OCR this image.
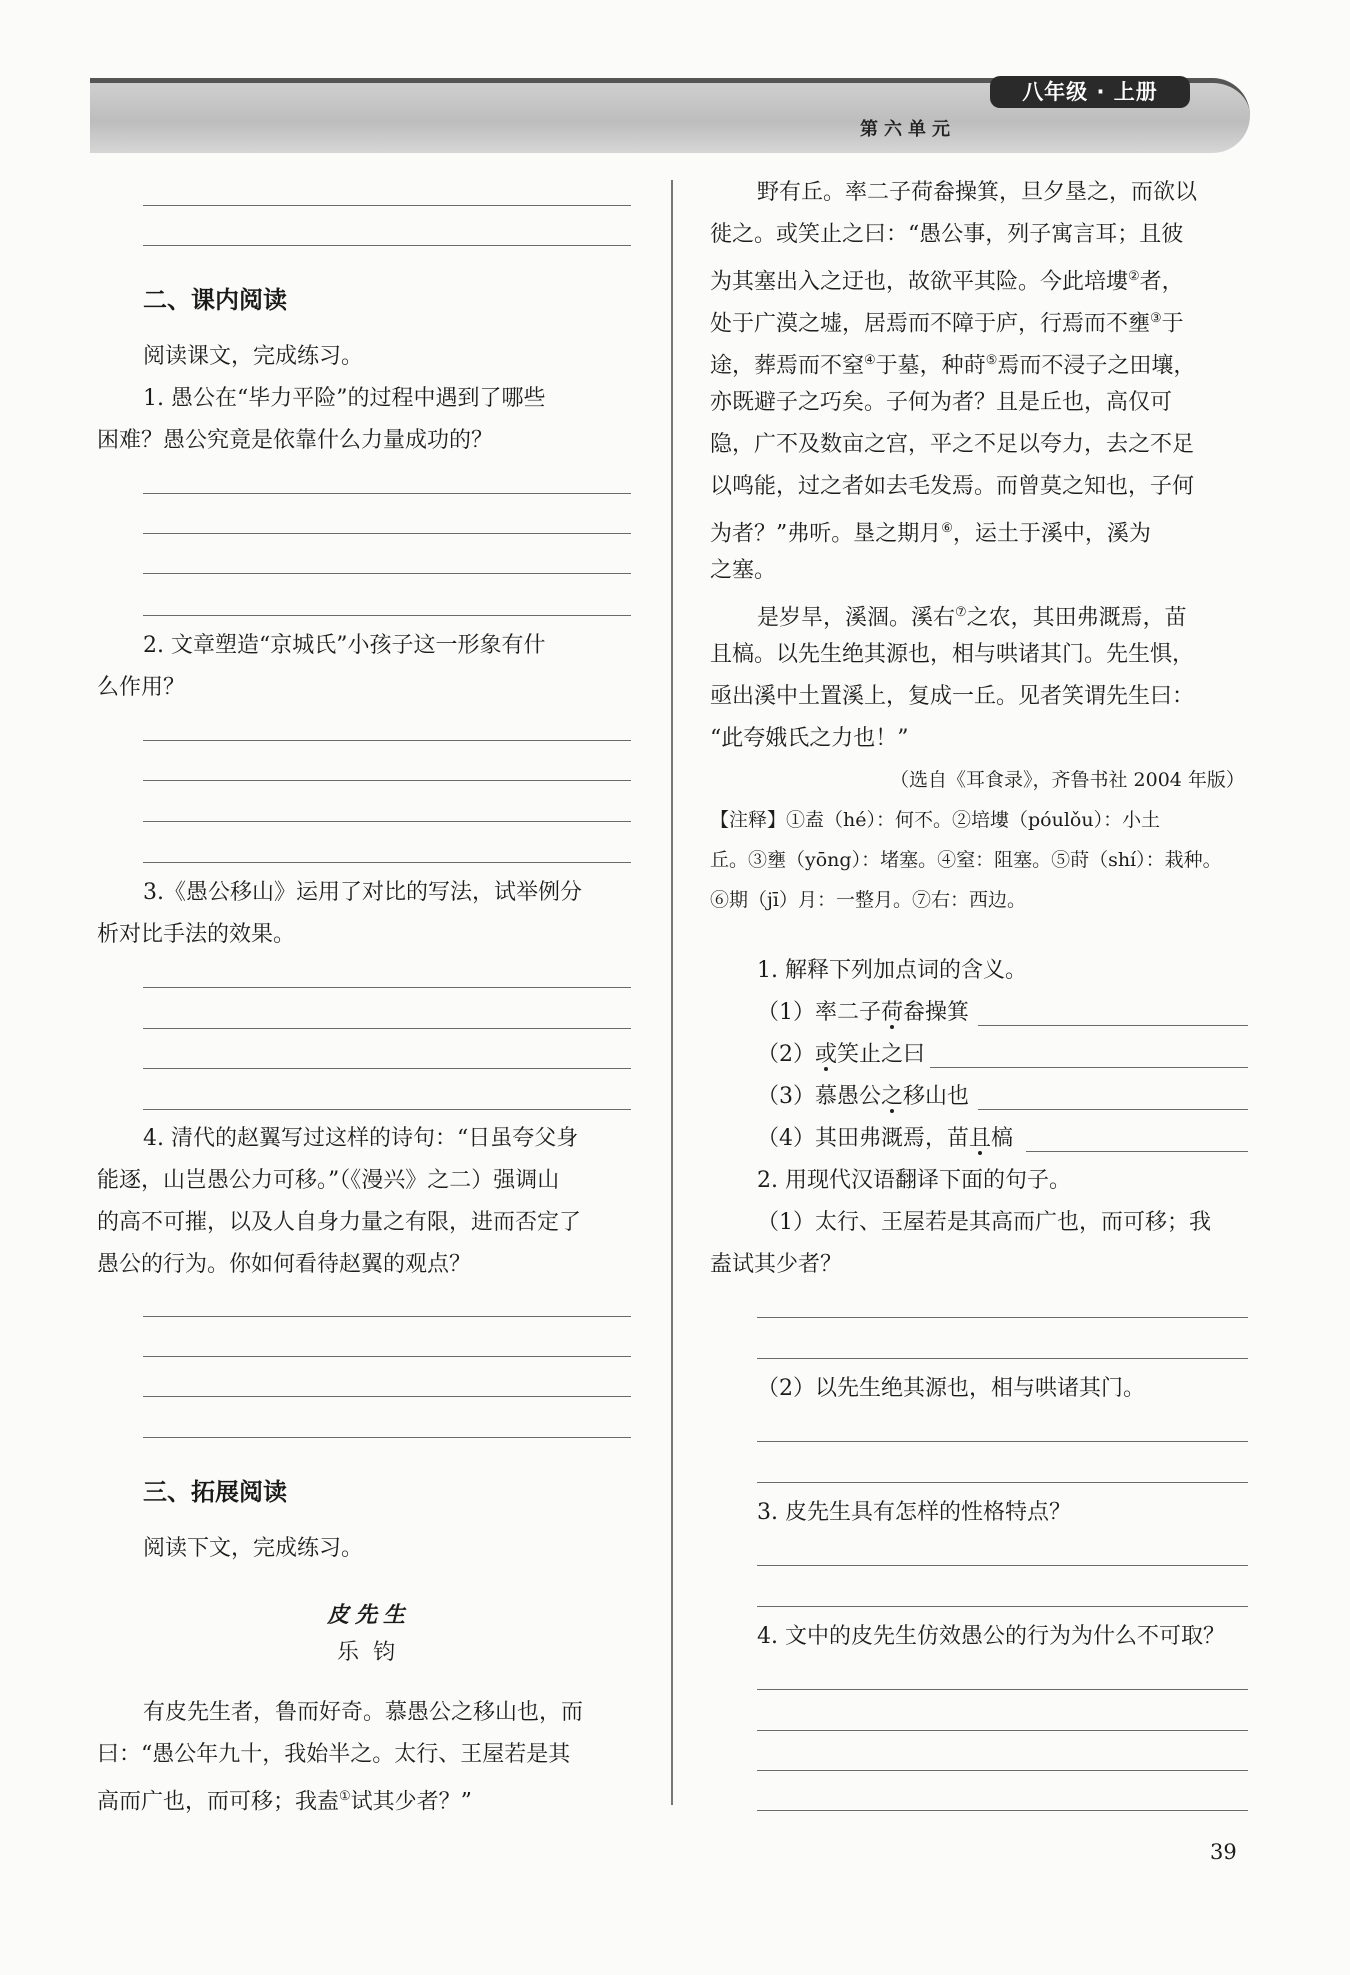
八年级 · 上册
第六单元
二、课内阅读
阅读课文，完成练习。
1. 愚公在“毕力平险”的过程中遇到了哪些
困难？愚公究竟是依靠什么力量成功的？
2. 文章塑造“京城氏”小孩子这一形象有什
么作用？
3.《愚公移山》运用了对比的写法，试举例分
析对比手法的效果。
4. 清代的赵翼写过这样的诗句：“日虽夸父身
能逐，山岂愚公力可移。”（《漫兴》之二）强调山
的高不可摧，以及人自身力量之有限，进而否定了
愚公的行为。你如何看待赵翼的观点？
三、拓展阅读
阅读下文，完成练习。
皮先生
乐  钧
有皮先生者，鲁而好奇。慕愚公之移山也，而
曰：“愚公年九十，我始半之。太行、王屋若是其
高而广也，而可移；我盍①试其少者？”
野有丘。率二子荷畚操箕，旦夕垦之，而欲以
徙之。或笑止之曰：“愚公事，列子寓言耳；且彼
为其塞出入之迂也，故欲平其险。今此培塿②者，
处于广漠之墟，居焉而不障于庐，行焉而不壅③于
途，葬焉而不窒④于墓，种莳⑤焉而不浸子之田壤，
亦既避子之巧矣。子何为者？且是丘也，高仅可
隐，广不及数亩之宫，平之不足以夸力，去之不足
以鸣能，过之者如去毛发焉。而曾莫之知也，子何
为者？”弗听。垦之期月⑥，运土于溪中，溪为
之塞。
是岁旱，溪涸。溪右⑦之农，其田弗溉焉，苗
且槁。以先生绝其源也，相与哄诸其门。先生惧，
亟出溪中土置溪上，复成一丘。见者笑谓先生曰：
“此夸娥氏之力也！”
（选自《耳食录》，齐鲁书社 2004 年版）
【注释】①盍（hé）：何不。②培塿（póulǒu）：小土
丘。③壅（yōng）：堵塞。④窒：阻塞。⑤莳（shí）：栽种。
⑥期（jī）月：一整月。⑦右：西边。
1. 解释下列加点词的含义。
（1）率二子荷畚操箕
（2）或笑止之曰
（3）慕愚公之移山也
（4）其田弗溉焉，苗且槁
2. 用现代汉语翻译下面的句子。
（1）太行、王屋若是其高而广也，而可移；我
盍试其少者？
（2）以先生绝其源也，相与哄诸其门。
3. 皮先生具有怎样的性格特点？
4. 文中的皮先生仿效愚公的行为为什么不可取？
39
